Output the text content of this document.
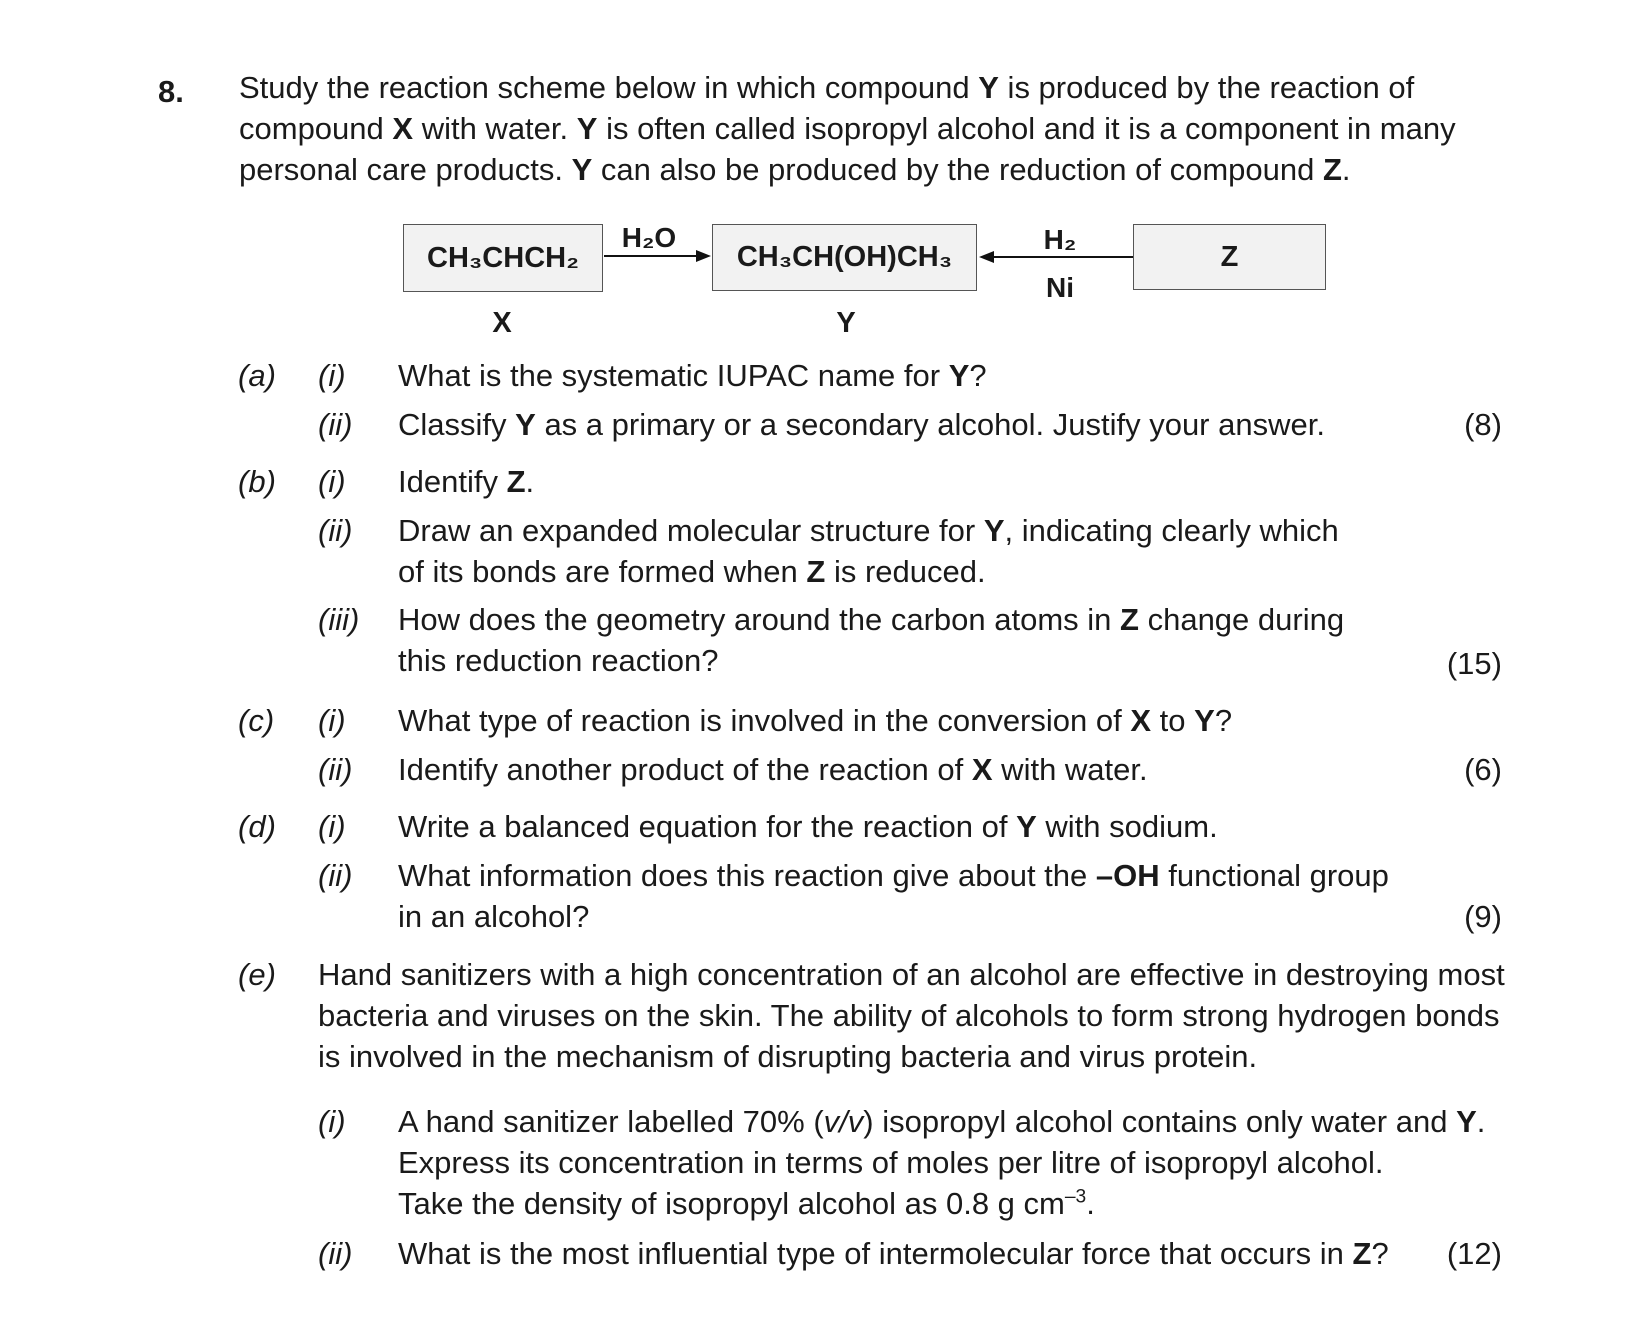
8. Study the reaction scheme below in which compound Y is produced by the reaction of compound X with water. Y is often called isopropyl alcohol and it is a component in many personal care products. Y can also be produced by the reduction of compound Z.
CH₃CHCH₂	CH₃CH(OH)CH₃	Z
H₂O	H₂
Ni
X	Y
(a) (i) What is the systematic IUPAC name for Y?
(ii) Classify Y as a primary or a secondary alcohol. Justify your answer.	(8)
(b) (i) Identify Z.
(ii) Draw an expanded molecular structure for Y, indicating clearly which of its bonds are formed when Z is reduced.
(iii) How does the geometry around the carbon atoms in Z change during this reduction reaction?	(15)
(c) (i) What type of reaction is involved in the conversion of X to Y?
(ii) Identify another product of the reaction of X with water.	(6)
(d) (i) Write a balanced equation for the reaction of Y with sodium.
(ii) What information does this reaction give about the –OH functional group in an alcohol?	(9)
(e) Hand sanitizers with a high concentration of an alcohol are effective in destroying most bacteria and viruses on the skin. The ability of alcohols to form strong hydrogen bonds is involved in the mechanism of disrupting bacteria and virus protein.
(i) A hand sanitizer labelled 70% (v/v) isopropyl alcohol contains only water and Y.
Express its concentration in terms of moles per litre of isopropyl alcohol.
Take the density of isopropyl alcohol as 0.8 g $cm^{-3}$.
(ii) What is the most influential type of intermolecular force that occurs in Z? (12)
